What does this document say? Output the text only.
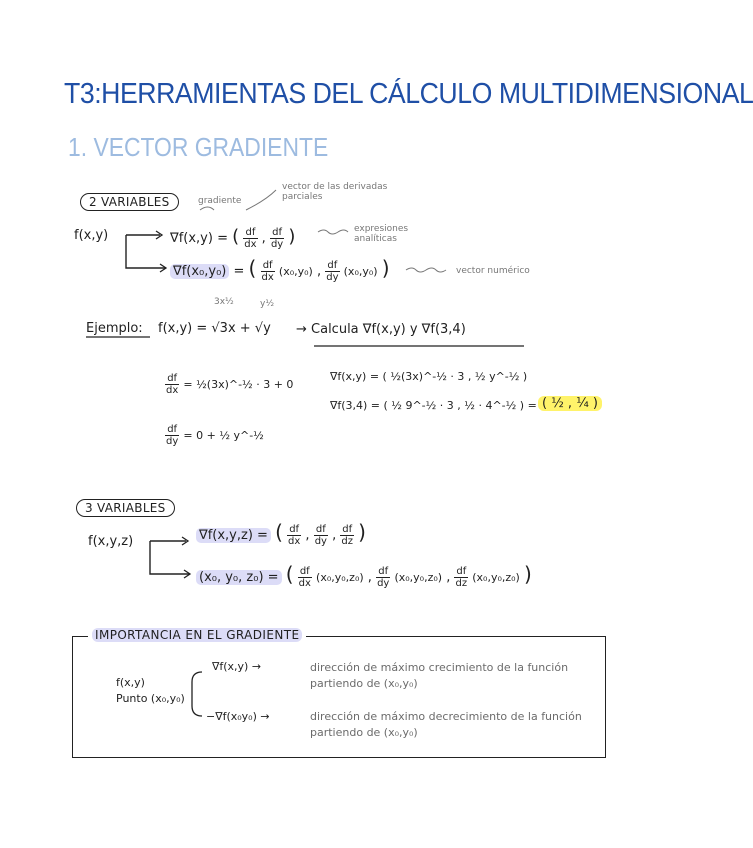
T3:HERRAMIENTAS DEL CÁLCULO MULTIDIMENSIONAL
1. VECTOR GRADIENTE
2 VARIABLES	gradiente
vector de las derivadas parciales
f(x,y)	∇f(x,y) = ( $\frac{df}{dx}$ , $\frac{df}{dy}$ )	expresiones analíticas
∇f(x₀,y₀) = ( $\frac{df}{dx} (x_0,y_0)$ , $\frac{df}{dy} (x_0,y_0)$ )	vector numérico
Ejemplo:
3x½	y½
f(x,y) = √3x + √y → Calcula ∇f(x,y) y ∇f(3,4)
$\frac{df}{dx}$ = ½(3x)^-½ · 3 + 0
$\frac{df}{dy} = 0$ + ½ y^-½
∇f(x,y) = ( ½(3x)^-½ · 3 , ½ y^-½ )
∇f(3,4) = ( ½ 9^-½ · 3 , ½ · 4^-½ ) = ( ½ , ¼ )
3 VARIABLES
f(x,y,z)	∇f(x,y,z) = ( $\frac{df}{dx}$ , $\frac{df}{dy}$ , $\frac{df}{dz}$ )
(x₀, y₀, z₀) = ( $\frac{df}{dx} (x_0,y_0,z_0)$ , $\frac{df}{dy} (x_0,y_0,z_0)$ , $\frac{df}{dz} (x_0,y_0,z_0)$ )
IMPORTANCIA EN EL GRADIENTE
f(x,y)
Punto (x₀,y₀)
∇f(x,y) →	dirección de máximo crecimiento de la función partiendo de (x₀,y₀)
−∇f(x₀y₀) →	dirección de máximo decrecimiento de la función partiendo de (x₀,y₀)
